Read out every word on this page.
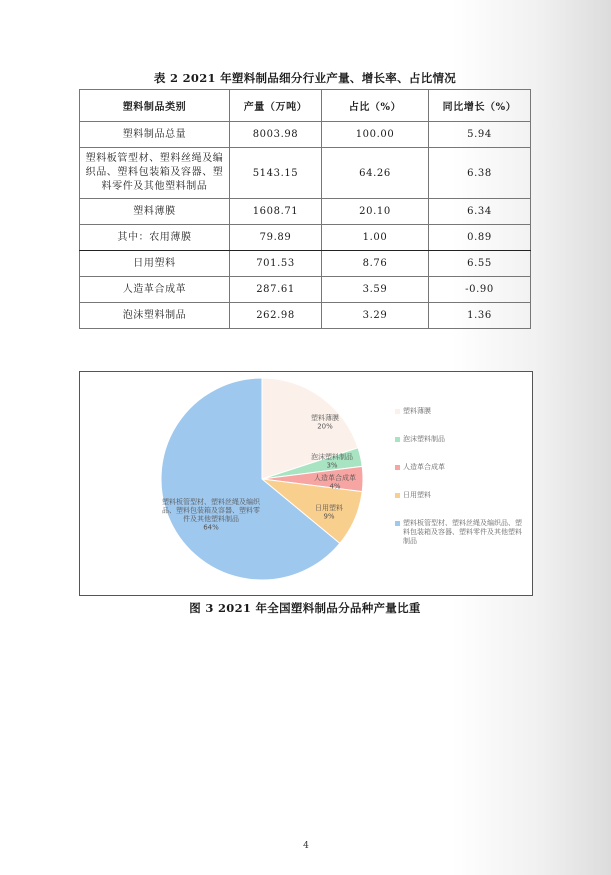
表 2 2021 年塑料制品细分行业产量、增长率、占比情况
塑料制品类别	产量（万吨）	占比（%）	同比增长（%）
塑料制品总量	8003.98	100.00	5.94
塑料板管型材、塑料丝绳及编织品、塑料包装箱及容器、塑料零件及其他塑料制品	5143.15	64.26	6.38
塑料薄膜	1608.71	20.10	6.34
其中：农用薄膜	79.89	1.00	0.89
日用塑料	701.53	8.76	6.55
人造革合成革	287.61	3.59	-0.90
泡沫塑料制品	262.98	3.29	1.36
塑料薄膜 20%
泡沫塑料制品 3%
人造革合成革 4%
日用塑料 9%
塑料板管型材、塑料丝绳及编织品、塑料包装箱及容器、塑料零件及其他塑料制品 64%
塑料薄膜
泡沫塑料制品
人造革合成革
日用塑料
塑料板管型材、塑料丝绳及编织品、塑料包装箱及容器、塑料零件及其他塑料制品
图 3 2021 年全国塑料制品分品种产量比重
4
